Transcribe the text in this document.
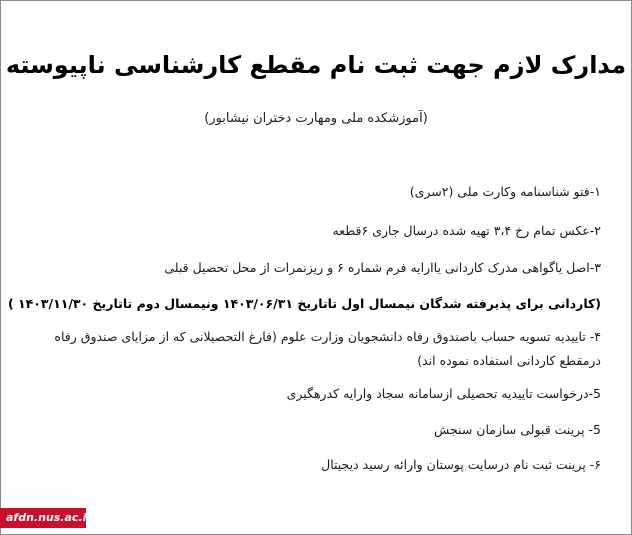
مدارک لازم جهت ثبت نام مقطع کارشناسی ناپیوسته
(آموزشکده ملی ومهارت دختران نیشابور)
۱-فتو شناسنامه وکارت ملی (۲سری)
۲-عکس تمام رخ ۳،۴ تهیه شده درسال جاری ۶قطعه
۳-اصل یاگواهی مدرک کاردانی یاارایه فرم شماره ۶ و ریزنمرات از محل تحصیل قبلی
(کاردانی برای پذیرفته شدگان نیمسال اول تاتاریخ ۱۴۰۳/۰۶/۳۱ ونیمسال دوم تاتاریخ ۱۴۰۳/۱۱/۳۰ )
۴- تاییدیه تسویه حساب باصندوق رفاه دانشجویان وزارت علوم (فارغ التحصیلانی که از مزایای صندوق رفاه درمقطع کاردانی استفاده نموده اند)
5-درخواست تاییدیه تحصیلی ازسامانه سجاد وارایه کدرهگیری
5- پرینت قبولی سازمان سنجش
۶- پرینت ثبت نام درسایت پوستان وارائه رسید دیجیتال
afdn.nus.ac.ir
